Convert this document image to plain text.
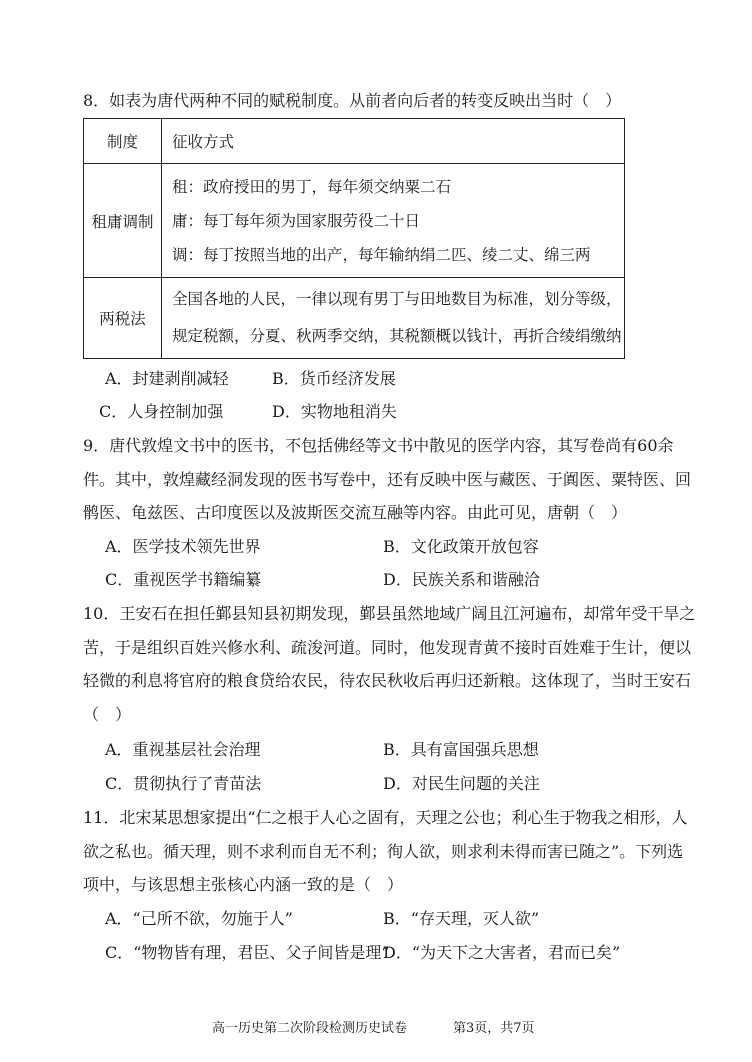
8．如表为唐代两种不同的赋税制度。从前者向后者的转变反映出当时（　）
制度	征收方式
租庸调制	租：政府授田的男丁，每年须交纳粟二石
庸：每丁每年须为国家服劳役二十日
调：每丁按照当地的出产，每年输纳绢二匹、绫二丈、绵三两

两税法	全国各地的人民，一律以现有男丁与田地数目为标准，划分等级，
规定税额，分夏、秋两季交纳，其税额概以钱计，再折合绫绢缴纳
A．封建剥削减轻	B．货币经济发展
C．人身控制加强	D．实物地租消失
9．唐代敦煌文书中的医书，不包括佛经等文书中散见的医学内容，其写卷尚有60余
件。其中，敦煌藏经洞发现的医书写卷中，还有反映中医与藏医、于阗医、粟特医、回
鹘医、龟兹医、古印度医以及波斯医交流互融等内容。由此可见，唐朝（　）
A．医学技术领先世界	B．文化政策开放包容
C．重视医学书籍编纂	D．民族关系和谐融洽
10．王安石在担任鄞县知县初期发现，鄞县虽然地域广阔且江河遍布，却常年受干旱之
苦，于是组织百姓兴修水利、疏浚河道。同时，他发现青黄不接时百姓难于生计，便以
轻微的利息将官府的粮食贷给农民，待农民秋收后再归还新粮。这体现了，当时王安石
（　）
A．重视基层社会治理	B．具有富国强兵思想
C．贯彻执行了青苗法	D．对民生问题的关注
11．北宋某思想家提出“仁之根于人心之固有，天理之公也；利心生于物我之相形，人
欲之私也。循天理，则不求利而自无不利；徇人欲，则求利未得而害已随之”。下列选
项中，与该思想主张核心内涵一致的是（　）
A．“己所不欲，勿施于人”	B．“存天理，灭人欲”
C．“物物皆有理，君臣、父子间皆是理”
D．“为天下之大害者，君而已矣”
高一历史第二次阶段检测历史试卷	第3页，共7页
